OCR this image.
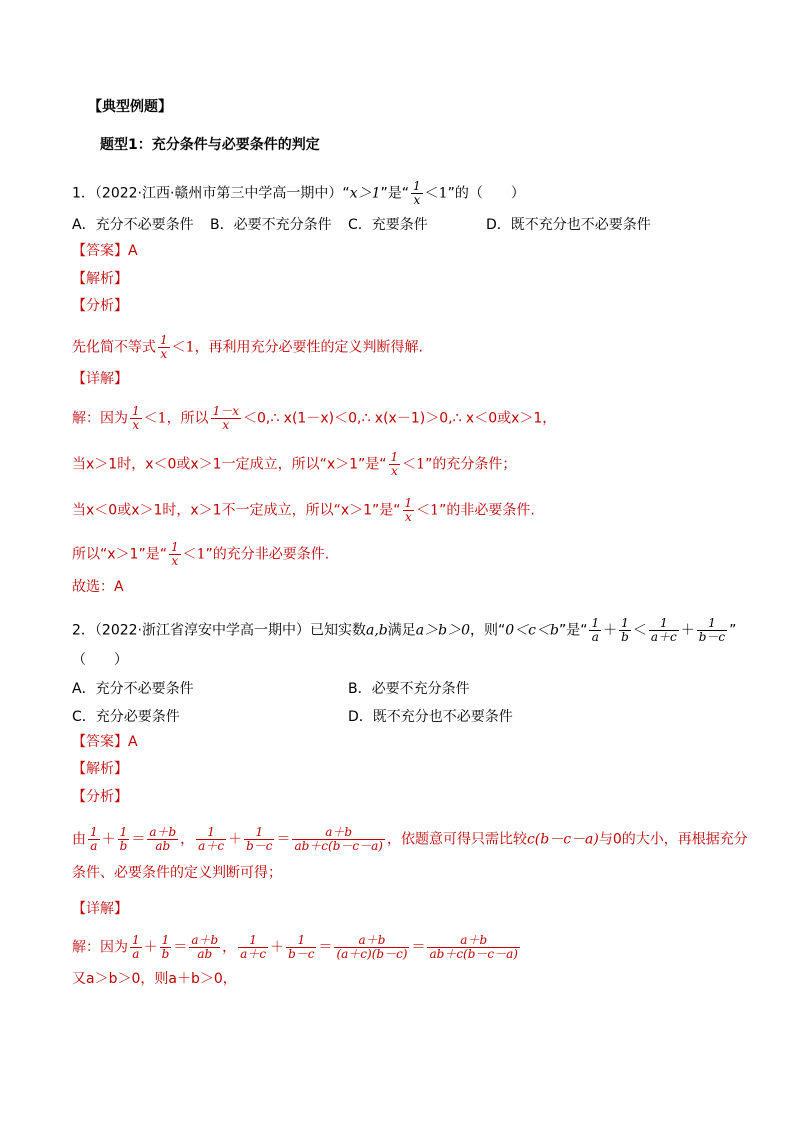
【典型例题】
题型1：充分条件与必要条件的判定
1．（2022·江西·赣州市第三中学高一期中）“x＞1”是“ $\frac{1}{x} <1$”的（　　）
A．充分不必要条件 B．必要不充分条件 C．充要条件	D．既不充分也不必要条件
【答案】A
【解析】
【分析】
先化简不等式 $\frac{1}{x} <1$，再利用充分必要性的定义判断得解.
【详解】
解：因为 $\frac{1}{x} <1$，所以 $\frac{1-x}{x}$ ＜0,∴ x(1－x)＜0,∴ x(x－1)＞0,∴ x＜0或x＞1，
当x＞1时，x＜0或x＞1一定成立，所以“x＞1”是“ $\frac{1}{x} <1$”的充分条件；
当x＜0或x＞1时，x＞1不一定成立，所以“x＞1”是“ $\frac{1}{x} <1$”的非必要条件.
所以“x＞1”是“ $\frac{1}{x} <1$”的充分非必要条件.
故选：A
2．（2022·浙江省淳安中学高一期中）已知实数a,b满足a＞b＞0，则“0＜c＜b”是“ $\frac{1}{a} + \frac{1}{b} < \frac{1}{a+c} + \frac{1}{b-c}$ ”
（　　）
A．充分不必要条件	B．必要不充分条件
C．充分必要条件	D．既不充分也不必要条件
【答案】A
【解析】
【分析】
由 $\frac{1}{a} + \frac{1}{b} = \frac{a+b}{ab}$ ， $\frac{1}{a+c} + \frac{1}{b-c} = \frac{a+b}{ab+c(b-c-a)}$ ，依题意可得只需比较c(b－c－a)与0的大小，再根据充分
条件、必要条件的定义判断可得；
【详解】
解：因为 $\frac{1}{a} + \frac{1}{b} = \frac{a+b}{ab}$ ， $\frac{1}{a+c} + \frac{1}{b-c} = \frac{a+b}{(a+c)(b-c)} = \frac{a+b}{ab+c(b-c-a)}$
又a＞b＞0，则a＋b＞0，
